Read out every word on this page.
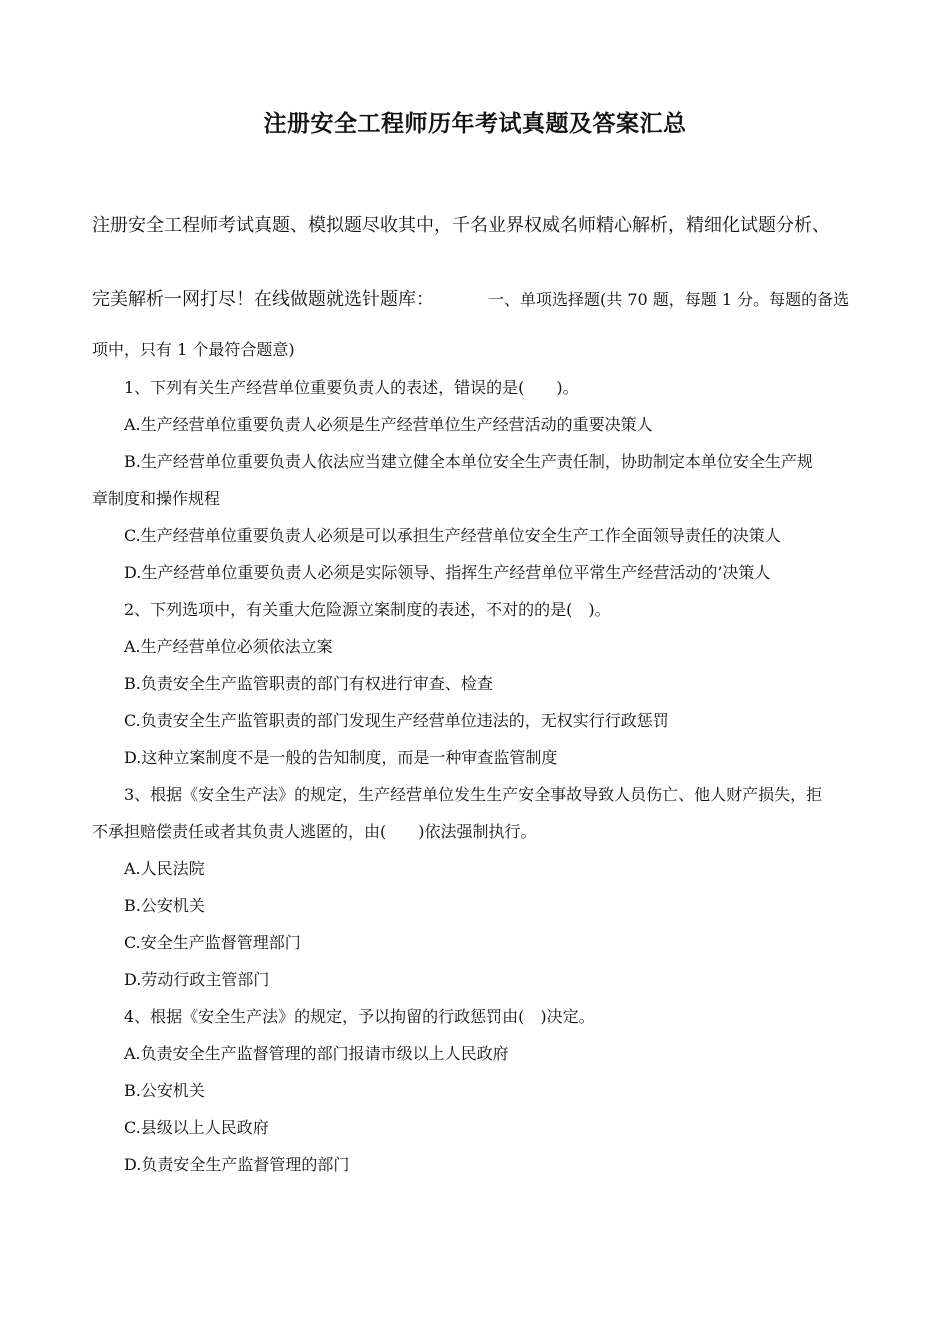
注册安全工程师历年考试真题及答案汇总

注册安全工程师考试真题、模拟题尽收其中，千名业界权威名师精心解析，精细化试题分析、

完美解析一网打尽！在线做题就选针题库：	一、单项选择题(共 70 题，每题 1 分。每题的备选

项中，只有 1 个最符合题意)

1、下列有关生产经营单位重要负责人的表述，错误的是(　　)。

A.生产经营单位重要负责人必须是生产经营单位生产经营活动的重要决策人

B.生产经营单位重要负责人依法应当建立健全本单位安全生产责任制，协助制定本单位安全生产规

章制度和操作规程

C.生产经营单位重要负责人必须是可以承担生产经营单位安全生产工作全面领导责任的决策人

D.生产经营单位重要负责人必须是实际领导、指挥生产经营单位平常生产经营活动的’决策人

2、下列选项中，有关重大危险源立案制度的表述，不对的的是(　)。

A.生产经营单位必须依法立案

B.负责安全生产监管职责的部门有权进行审查、检查

C.负责安全生产监管职责的部门发现生产经营单位违法的，无权实行行政惩罚

D.这种立案制度不是一般的告知制度，而是一种审查监管制度

3、根据《安全生产法》的规定，生产经营单位发生生产安全事故导致人员伤亡、他人财产损失，拒

不承担赔偿责任或者其负责人逃匿的，由(　　)依法强制执行。

A.人民法院

B.公安机关

C.安全生产监督管理部门

D.劳动行政主管部门

4、根据《安全生产法》的规定，予以拘留的行政惩罚由(　)决定。

A.负责安全生产监督管理的部门报请市级以上人民政府

B.公安机关

C.县级以上人民政府

D.负责安全生产监督管理的部门
